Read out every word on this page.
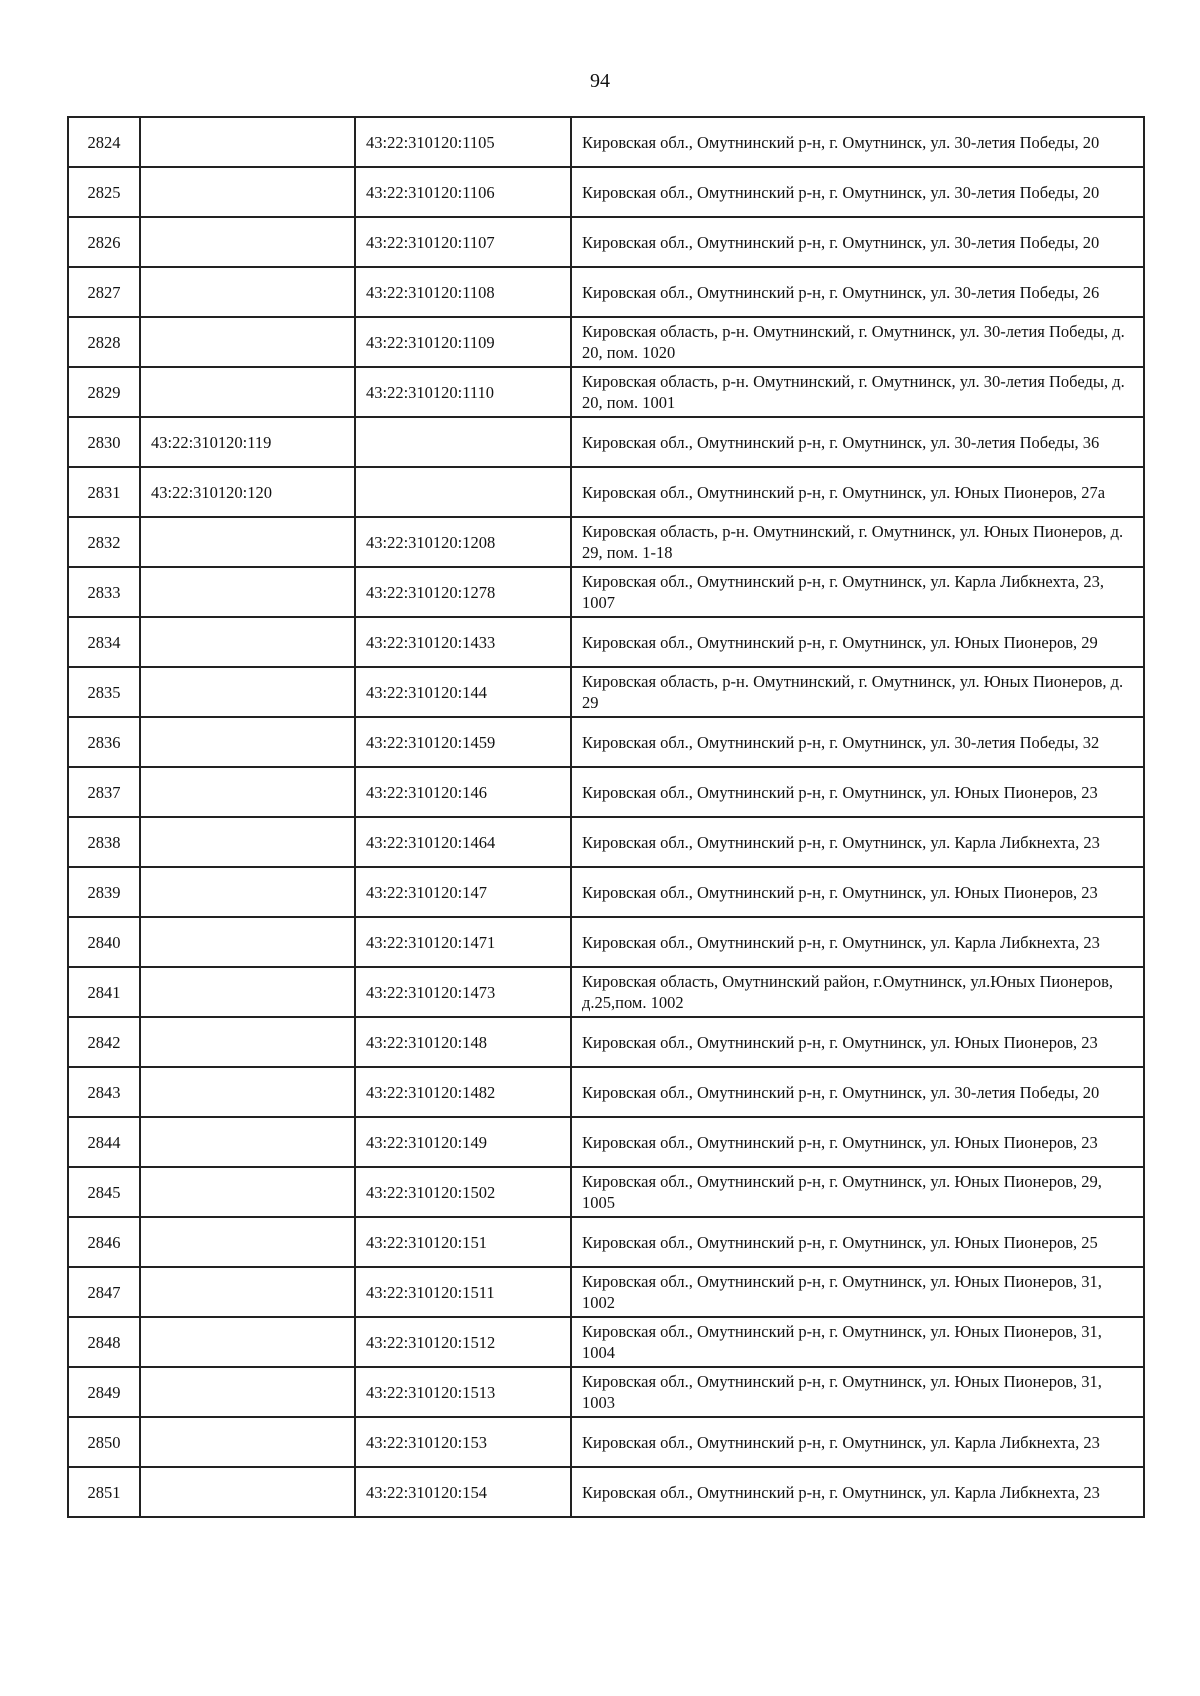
94
2824		43:22:310120:1105	Кировская обл., Омутнинский р-н, г. Омутнинск, ул. 30-летия Победы, 20
2825		43:22:310120:1106	Кировская обл., Омутнинский р-н, г. Омутнинск, ул. 30-летия Победы, 20
2826		43:22:310120:1107	Кировская обл., Омутнинский р-н, г. Омутнинск, ул. 30-летия Победы, 20
2827		43:22:310120:1108	Кировская обл., Омутнинский р-н, г. Омутнинск, ул. 30-летия Победы, 26
2828		43:22:310120:1109	Кировская область, р-н. Омутнинский, г. Омутнинск, ул. 30-летия Победы, д. 20, пом. 1020
2829		43:22:310120:1110	Кировская область, р-н. Омутнинский, г. Омутнинск, ул. 30-летия Победы, д. 20, пом. 1001
2830	43:22:310120:119		Кировская обл., Омутнинский р-н, г. Омутнинск, ул. 30-летия Победы, 36
2831	43:22:310120:120		Кировская обл., Омутнинский р-н, г. Омутнинск, ул. Юных Пионеров, 27а
2832		43:22:310120:1208	Кировская область, р-н. Омутнинский, г. Омутнинск, ул. Юных Пионеров, д. 29, пом. 1-18
2833		43:22:310120:1278	Кировская обл., Омутнинский р-н, г. Омутнинск, ул. Карла Либкнехта, 23, 1007
2834		43:22:310120:1433	Кировская обл., Омутнинский р-н, г. Омутнинск, ул. Юных Пионеров, 29
2835		43:22:310120:144	Кировская область, р-н. Омутнинский, г. Омутнинск, ул. Юных Пионеров, д. 29
2836		43:22:310120:1459	Кировская обл., Омутнинский р-н, г. Омутнинск, ул. 30-летия Победы, 32
2837		43:22:310120:146	Кировская обл., Омутнинский р-н, г. Омутнинск, ул. Юных Пионеров, 23
2838		43:22:310120:1464	Кировская обл., Омутнинский р-н, г. Омутнинск, ул. Карла Либкнехта, 23
2839		43:22:310120:147	Кировская обл., Омутнинский р-н, г. Омутнинск, ул. Юных Пионеров, 23
2840		43:22:310120:1471	Кировская обл., Омутнинский р-н, г. Омутнинск, ул. Карла Либкнехта, 23
2841		43:22:310120:1473	Кировская область, Омутнинский район, г.Омутнинск, ул.Юных Пионеров, д.25,пом. 1002
2842		43:22:310120:148	Кировская обл., Омутнинский р-н, г. Омутнинск, ул. Юных Пионеров, 23
2843		43:22:310120:1482	Кировская обл., Омутнинский р-н, г. Омутнинск, ул. 30-летия Победы, 20
2844		43:22:310120:149	Кировская обл., Омутнинский р-н, г. Омутнинск, ул. Юных Пионеров, 23
2845		43:22:310120:1502	Кировская обл., Омутнинский р-н, г. Омутнинск, ул. Юных Пионеров, 29, 1005
2846		43:22:310120:151	Кировская обл., Омутнинский р-н, г. Омутнинск, ул. Юных Пионеров, 25
2847		43:22:310120:1511	Кировская обл., Омутнинский р-н, г. Омутнинск, ул. Юных Пионеров, 31, 1002
2848		43:22:310120:1512	Кировская обл., Омутнинский р-н, г. Омутнинск, ул. Юных Пионеров, 31, 1004
2849		43:22:310120:1513	Кировская обл., Омутнинский р-н, г. Омутнинск, ул. Юных Пионеров, 31, 1003
2850		43:22:310120:153	Кировская обл., Омутнинский р-н, г. Омутнинск, ул. Карла Либкнехта, 23
2851		43:22:310120:154	Кировская обл., Омутнинский р-н, г. Омутнинск, ул. Карла Либкнехта, 23
